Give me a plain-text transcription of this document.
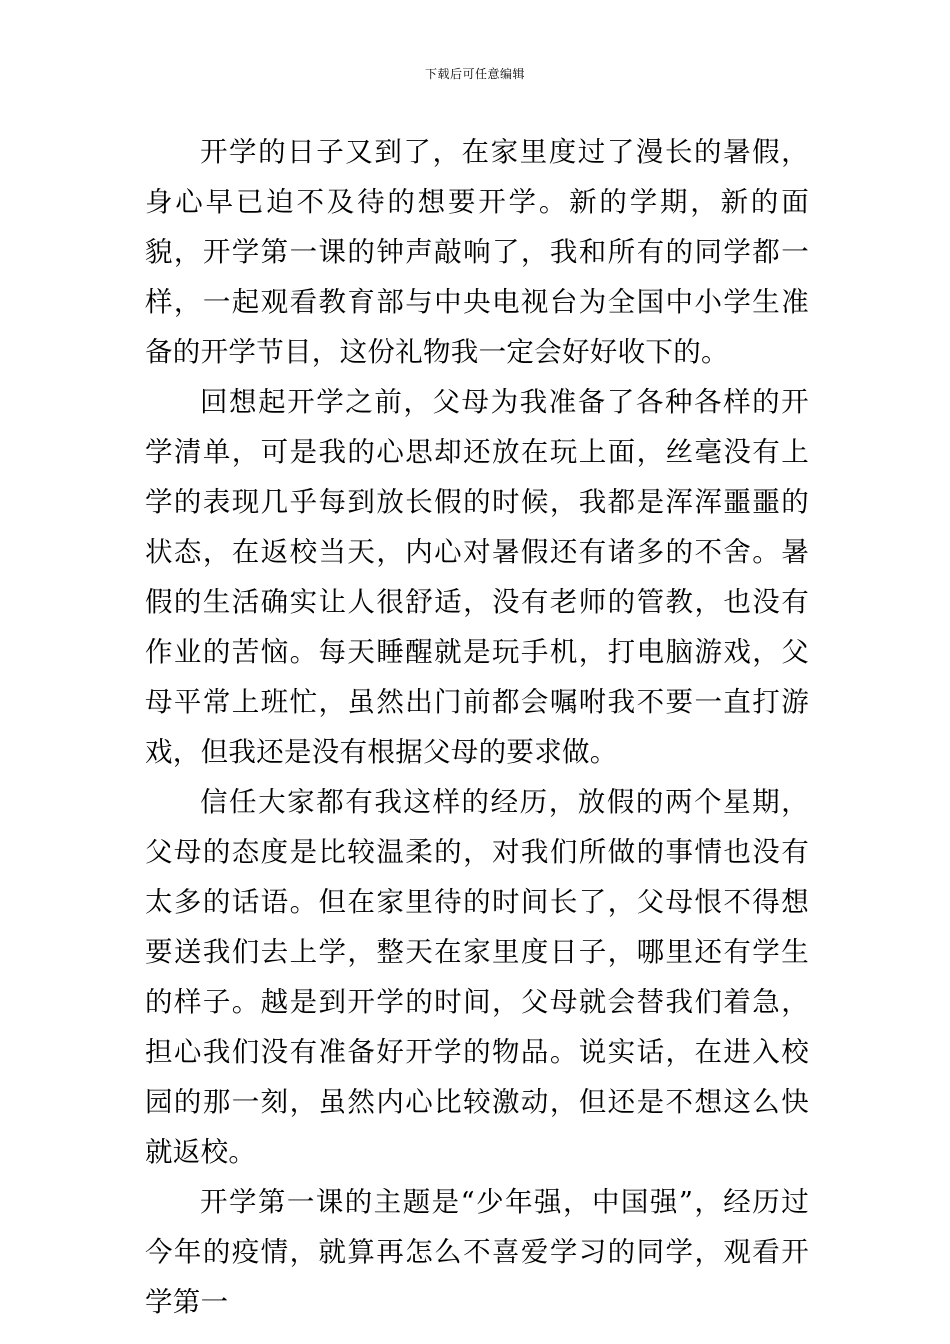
下载后可任意编辑

开学的日子又到了，在家里度过了漫长的暑假，身心早已迫不及待的想要开学。新的学期，新的面貌，开学第一课的钟声敲响了，我和所有的同学都一样，一起观看教育部与中央电视台为全国中小学生准备的开学节目，这份礼物我一定会好好收下的。

回想起开学之前，父母为我准备了各种各样的开学清单，可是我的心思却还放在玩上面，丝毫没有上学的表现几乎每到放长假的时候，我都是浑浑噩噩的状态，在返校当天，内心对暑假还有诸多的不舍。暑假的生活确实让人很舒适，没有老师的管教，也没有作业的苦恼。每天睡醒就是玩手机，打电脑游戏，父母平常上班忙，虽然出门前都会嘱咐我不要一直打游戏，但我还是没有根据父母的要求做。

信任大家都有我这样的经历，放假的两个星期，父母的态度是比较温柔的，对我们所做的事情也没有太多的话语。但在家里待的时间长了，父母恨不得想要送我们去上学，整天在家里度日子，哪里还有学生的样子。越是到开学的时间，父母就会替我们着急，担心我们没有准备好开学的物品。说实话，在进入校园的那一刻，虽然内心比较激动，但还是不想这么快就返校。

开学第一课的主题是“少年强，中国强”，经历过今年的疫情，就算再怎么不喜爱学习的同学，观看开学第一
